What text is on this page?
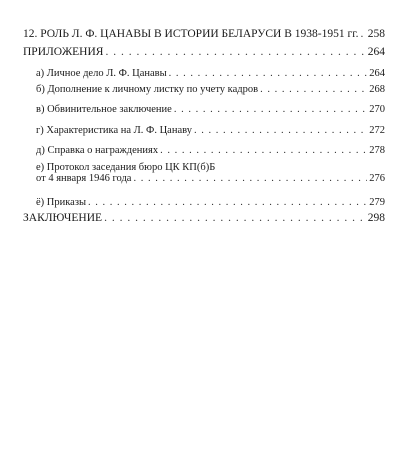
12. РОЛЬ Л. Ф. ЦАНАВЫ В ИСТОРИИ БЕЛАРУСИ В 1938-1951 гг. . . . 258
ПРИЛОЖЕНИЯ . . .	264
а) Личное дело Л. Ф. Цанавы . . .	264
б) Дополнение к личному листку по учету кадров . . .	268
в) Обвинительное заключение . . .	270
г) Характеристика на Л. Ф. Цанаву . . .	272
д) Справка о награждениях . . .	278
е) Протокол заседания бюро ЦК КП(б)Б
от 4 января 1946 года . . .	276
ё) Приказы . . .	279
ЗАКЛЮЧЕНИЕ . . .	298
